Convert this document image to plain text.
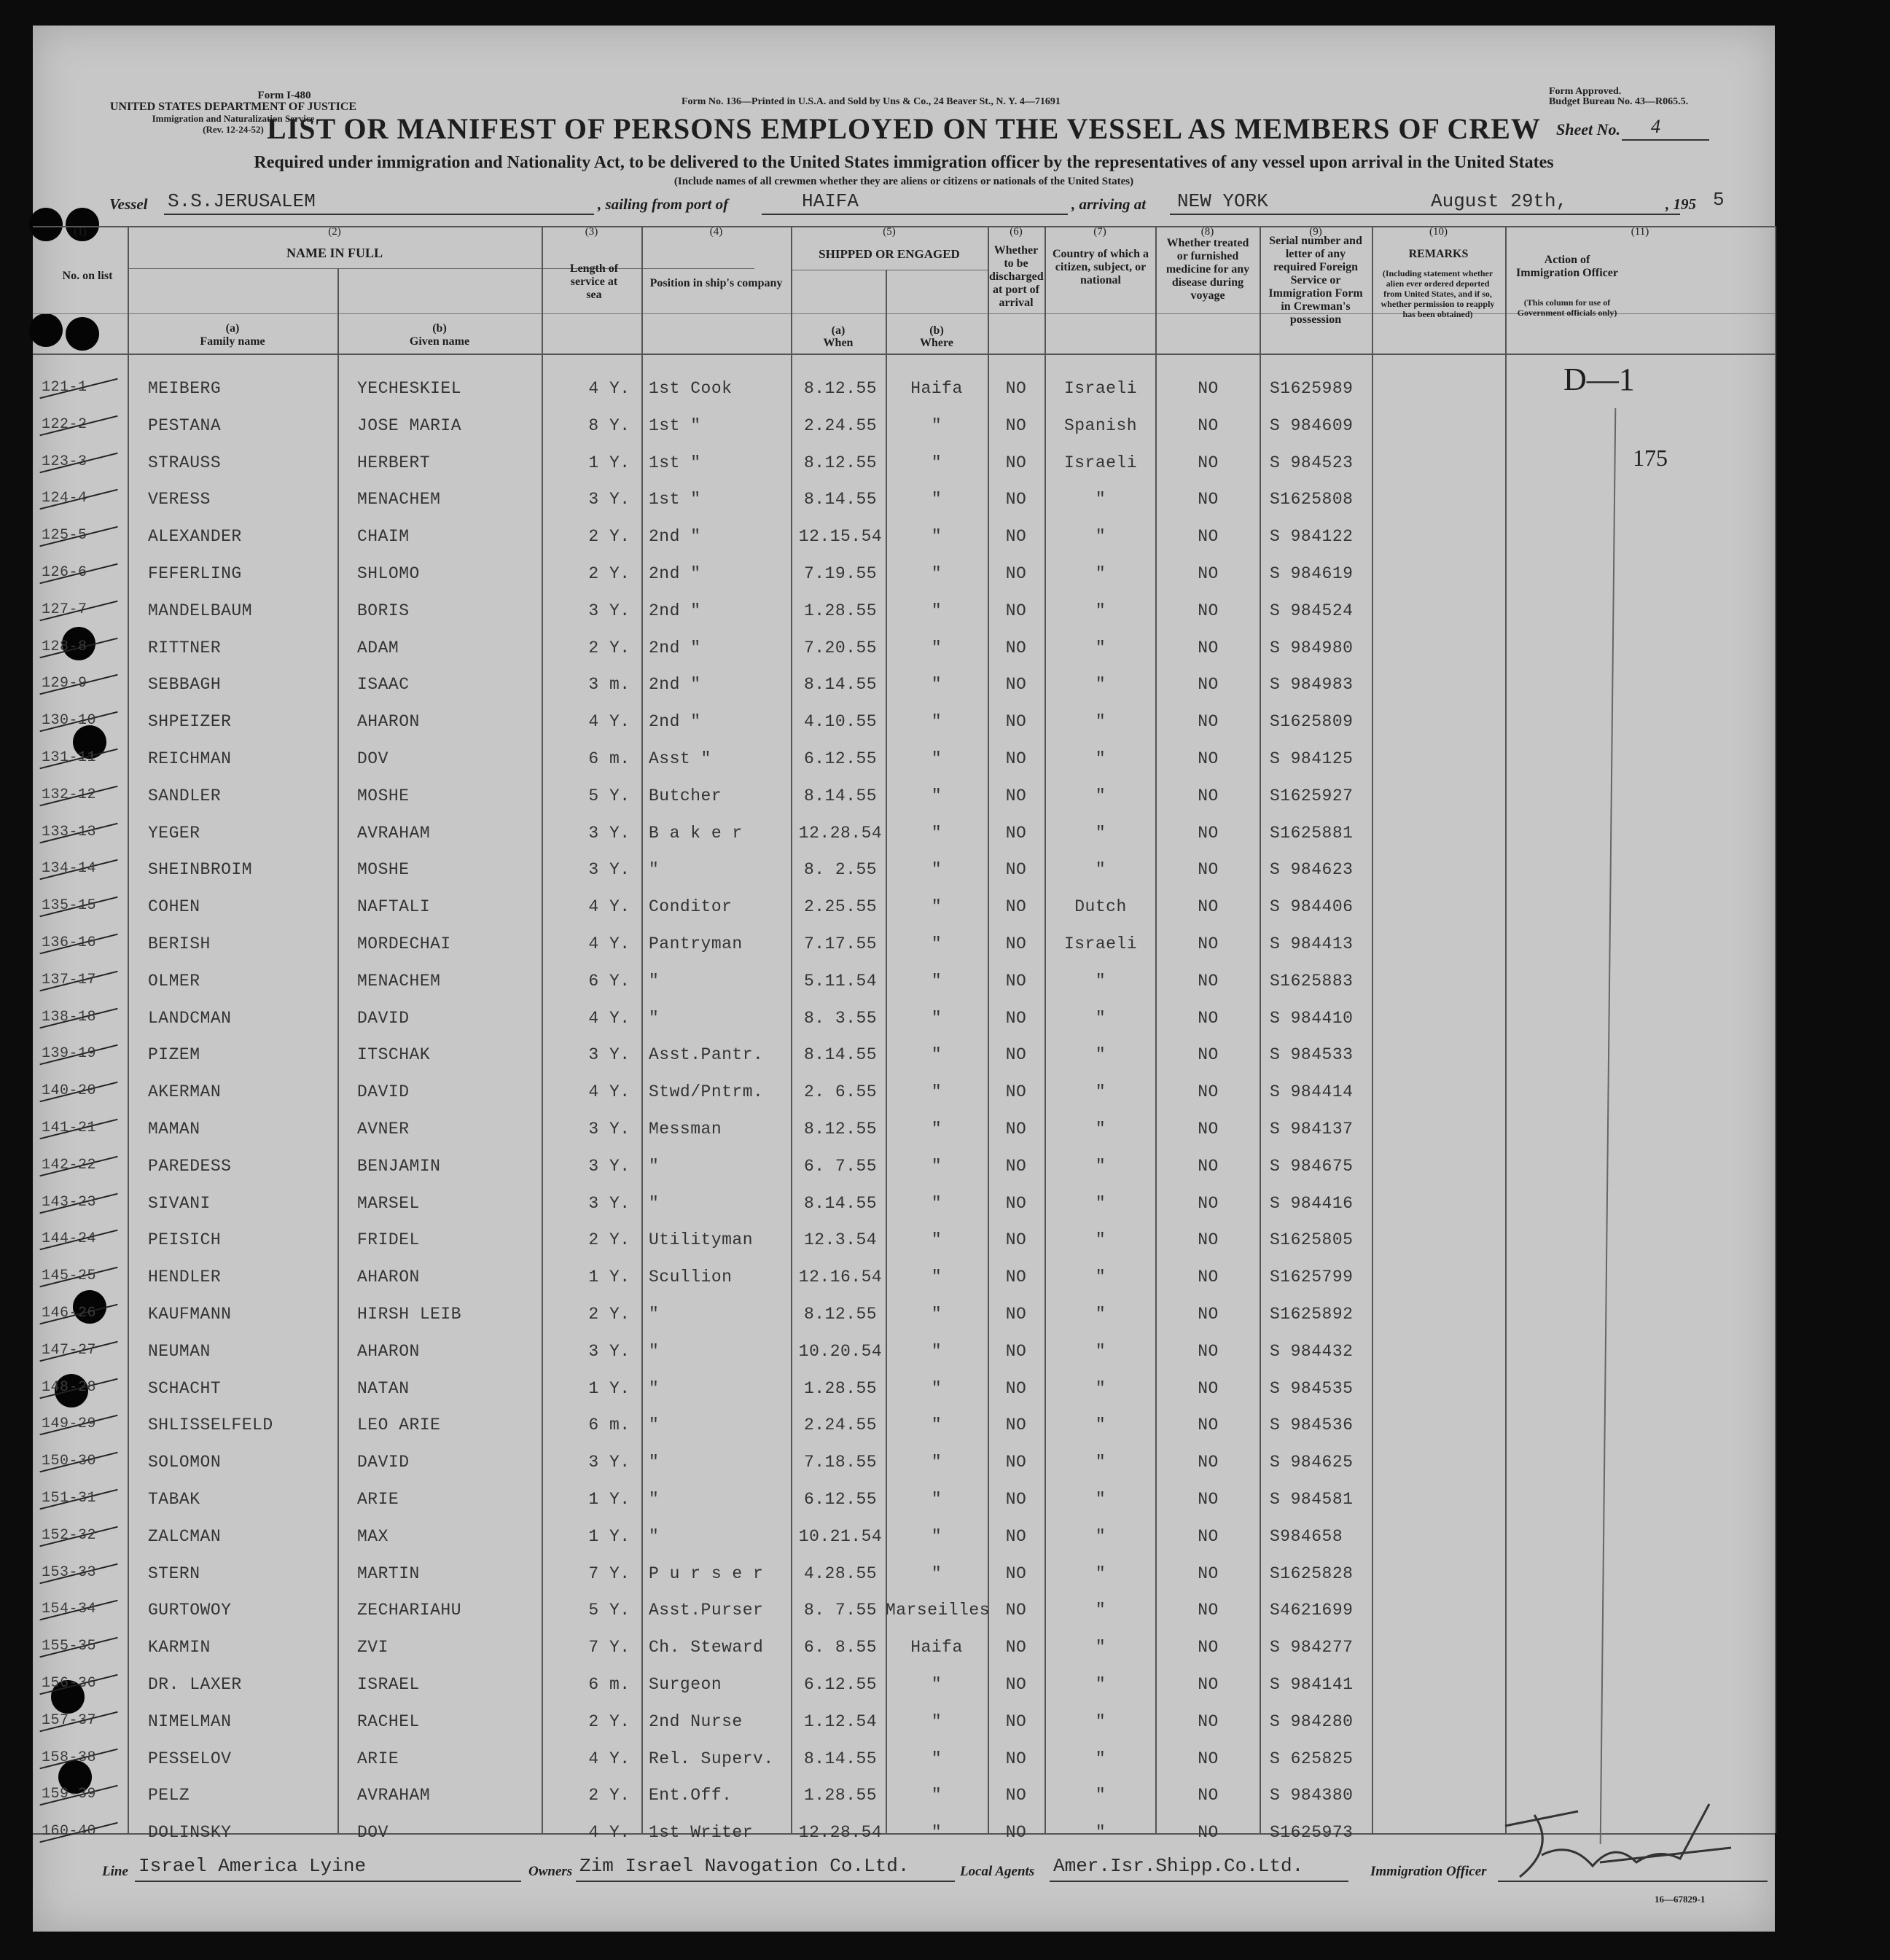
Form I-480
UNITED STATES DEPARTMENT OF JUSTICE
Immigration and Naturalization Service
(Rev. 12-24-52)
Form No. 136—Printed in U.S.A. and Sold by Uns & Co., 24 Beaver St., N. Y. 4—71691
Form Approved.
Budget Bureau No. 43—R065.5.
LIST OR MANIFEST OF PERSONS EMPLOYED ON THE VESSEL AS MEMBERS OF CREW Sheet No. 4
Required under immigration and Nationality Act, to be delivered to the United States immigration officer by the representatives of any vessel upon arrival in the United States
(Include names of all crewmen whether they are aliens or citizens or nationals of the United States)
Vessel S.S.JERUSALEM	, sailing from port of	HAIFA	, arriving at NEW YORK	August 29th,	, 195 5
(1)	(2)	(3)	(4)	(5)	(6)	(7)	(8)	(9)	(10)	(11)
No. on list
NAME IN FULL
(a)
Family name
(b)
Given name
Length of service at sea
Position in ship's company
SHIPPED OR ENGAGED
(a)
When
(b)
Where
Whether to be discharged at port of arrival
Country of which a citizen, subject, or national
Whether treated or furnished medicine for any disease during voyage
Serial number and letter of any required Foreign Service or Immigration Form in Crewman's possession
REMARKS
(Including statement whether alien ever ordered deported from United States, and if so, whether permission to reapply has been obtained)
Action of Immigration Officer
(This column for use of Government officials only)
D—1
175
121-1	MEIBERG	YECHESKIEL	4 Y.	1st Cook	8.12.55	Haifa	NO	Israeli	NO	S1625989
122-2	PESTANA	JOSE MARIA	8 Y.	1st "	2.24.55	"	NO	Spanish	NO	S 984609
123-3	STRAUSS	HERBERT	1 Y.	1st "	8.12.55	"	NO	Israeli	NO	S 984523
124-4	VERESS	MENACHEM	3 Y.	1st "	8.14.55	"	NO	"	NO	S1625808
125-5	ALEXANDER	CHAIM	2 Y.	2nd "	12.15.54	"	NO	"	NO	S 984122
126-6	FEFERLING	SHLOMO	2 Y.	2nd "	7.19.55	"	NO	"	NO	S 984619
127-7	MANDELBAUM	BORIS	3 Y.	2nd "	1.28.55	"	NO	"	NO	S 984524
128-8	RITTNER	ADAM	2 Y.	2nd "	7.20.55	"	NO	"	NO	S 984980
129-9	SEBBAGH	ISAAC	3 m.	2nd "	8.14.55	"	NO	"	NO	S 984983
130-10	SHPEIZER	AHARON	4 Y.	2nd "	4.10.55	"	NO	"	NO	S1625809
131-11	REICHMAN	DOV	6 m.	Asst "	6.12.55	"	NO	"	NO	S 984125
132-12	SANDLER	MOSHE	5 Y.	Butcher	8.14.55	"	NO	"	NO	S1625927
133-13	YEGER	AVRAHAM	3 Y.	B a k e r	12.28.54	"	NO	"	NO	S1625881
134-14	SHEINBROIM	MOSHE	3 Y.	"	8. 2.55	"	NO	"	NO	S 984623
135-15	COHEN	NAFTALI	4 Y.	Conditor	2.25.55	"	NO	Dutch	NO	S 984406
136-16	BERISH	MORDECHAI	4 Y.	Pantryman	7.17.55	"	NO	Israeli	NO	S 984413
137-17	OLMER	MENACHEM	6 Y.	"	5.11.54	"	NO	"	NO	S1625883
138-18	LANDCMAN	DAVID	4 Y.	"	8. 3.55	"	NO	"	NO	S 984410
139-19	PIZEM	ITSCHAK	3 Y.	Asst.Pantr.	8.14.55	"	NO	"	NO	S 984533
140-20	AKERMAN	DAVID	4 Y.	Stwd/Pntrm.	2. 6.55	"	NO	"	NO	S 984414
141-21	MAMAN	AVNER	3 Y.	Messman	8.12.55	"	NO	"	NO	S 984137
142-22	PAREDESS	BENJAMIN	3 Y.	"	6. 7.55	"	NO	"	NO	S 984675
143-23	SIVANI	MARSEL	3 Y.	"	8.14.55	"	NO	"	NO	S 984416
144-24	PEISICH	FRIDEL	2 Y.	Utilityman	12.3.54	"	NO	"	NO	S1625805
145-25	HENDLER	AHARON	1 Y.	Scullion	12.16.54	"	NO	"	NO	S1625799
146-26	KAUFMANN	HIRSH LEIB	2 Y.	"	8.12.55	"	NO	"	NO	S1625892
147-27	NEUMAN	AHARON	3 Y.	"	10.20.54	"	NO	"	NO	S 984432
148-28	SCHACHT	NATAN	1 Y.	"	1.28.55	"	NO	"	NO	S 984535
149-29	SHLISSELFELD	LEO ARIE	6 m.	"	2.24.55	"	NO	"	NO	S 984536
150-30	SOLOMON	DAVID	3 Y.	"	7.18.55	"	NO	"	NO	S 984625
151-31	TABAK	ARIE	1 Y.	"	6.12.55	"	NO	"	NO	S 984581
152-32	ZALCMAN	MAX	1 Y.	"	10.21.54	"	NO	"	NO	S984658
153-33	STERN	MARTIN	7 Y.	P u r s e r	4.28.55	"	NO	"	NO	S1625828
154-34	GURTOWOY	ZECHARIAHU	5 Y.	Asst.Purser	8. 7.55 Marseilles NO	"	NO	S4621699
155-35	KARMIN	ZVI	7 Y.	Ch. Steward	6. 8.55	Haifa	NO	"	NO	S 984277
156-36	DR. LAXER	ISRAEL	6 m.	Surgeon	6.12.55	"	NO	"	NO	S 984141
157-37	NIMELMAN	RACHEL	2 Y.	2nd Nurse	1.12.54	"	NO	"	NO	S 984280
158-38	PESSELOV	ARIE	4 Y.	Rel. Superv.	8.14.55	"	NO	"	NO	S 625825
159-39	PELZ	AVRAHAM	2 Y.	Ent.Off.	1.28.55	"	NO	"	NO	S 984380
160-40	DOLINSKY	DOV	4 Y.	1st Writer	12.28.54	"	NO	"	NO	S1625973
Line Israel America Lyine	Owners Zim Israel Navogation Co.Ltd.	Local Agents Amer.Isr.Shipp.Co.Ltd.	Immigration Officer
16—67829-1
